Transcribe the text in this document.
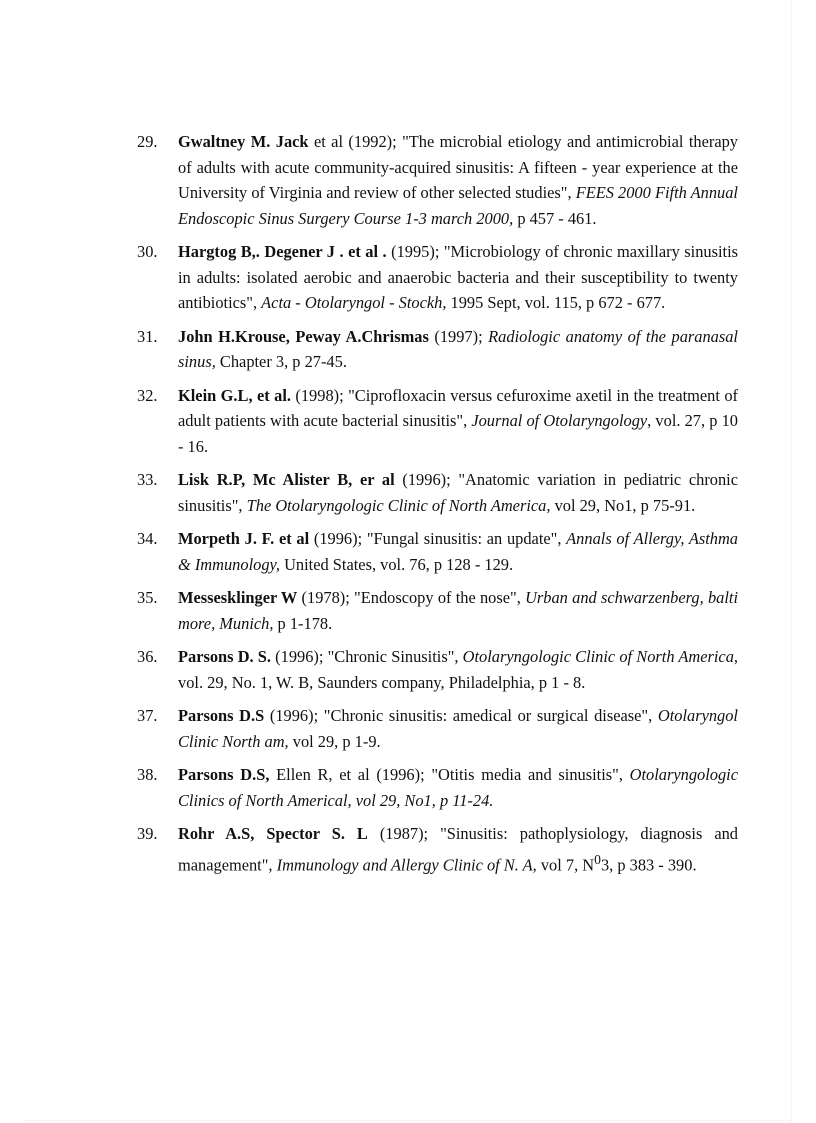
29. Gwaltney M. Jack et al (1992); "The microbial etiology and antimicrobial therapy of adults with acute community-acquired sinusitis: A fifteen - year experience at the University of Virginia and review of other selected studies", FEES 2000 Fifth Annual Endoscopic Sinus Surgery Course 1-3 march 2000, p 457 - 461.
30. Hargtog B,. Degener J . et al . (1995); "Microbiology of chronic maxillary sinusitis in adults: isolated aerobic and anaerobic bacteria and their susceptibility to twenty antibiotics", Acta - Otolaryngol - Stockh, 1995 Sept, vol. 115, p 672 - 677.
31. John H.Krouse, Peway A.Chrismas (1997); Radiologic anatomy of the paranasal sinus, Chapter 3, p 27-45.
32. Klein G.L, et al. (1998); "Ciprofloxacin versus cefuroxime axetil in the treatment of adult patients with acute bacterial sinusitis", Journal of Otolaryngology, vol. 27, p 10 - 16.
33. Lisk R.P, Mc Alister B, er al (1996); "Anatomic variation in pediatric chronic sinusitis", The Otolaryngologic Clinic of North America, vol 29, No1, p 75-91.
34. Morpeth J. F. et al (1996); "Fungal sinusitis: an update", Annals of Allergy, Asthma & Immunology, United States, vol. 76, p 128 - 129.
35. Messesklinger W (1978); "Endoscopy of the nose", Urban and schwarzenberg, balti more, Munich, p 1-178.
36. Parsons D. S. (1996); "Chronic Sinusitis", Otolaryngologic Clinic of North America, vol. 29, No. 1, W. B, Saunders company, Philadelphia, p 1 - 8.
37. Parsons D.S (1996); "Chronic sinusitis: amedical or surgical disease", Otolaryngol Clinic North am, vol 29, p 1-9.
38. Parsons D.S, Ellen R, et al (1996); "Otitis media and sinusitis", Otolaryngologic Clinics of North Americal, vol 29, No1, p 11-24.
39. Rohr A.S, Spector S. L (1987); "Sinusitis: pathoplysiology, diagnosis and management", Immunology and Allergy Clinic of N. A, vol 7, $N^03$, p 383 - 390.
